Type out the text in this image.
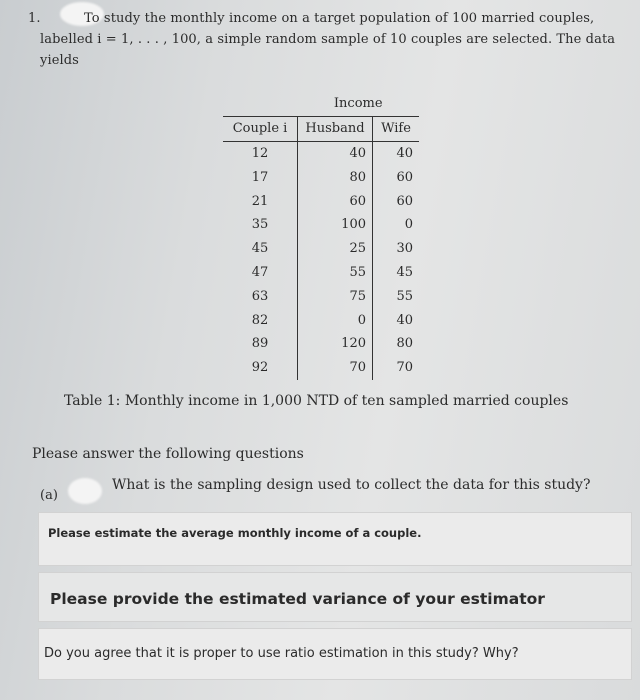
1.	To study the monthly income on a target population of 100 married couples, labelled i = 1, . . . , 100, a simple random sample of 10 couples are selected. The data yields

	Income	
Couple i	Husband	Wife
12	40	40
17	80	60
21	60	60
35	100	0
45	25	30
47	55	45
63	75	55
82	0	40
89	120	80
92	70	70
Table 1: Monthly income in 1,000 NTD of ten sampled married couples
Please answer the following questions
(a)
What is the sampling design used to collect the data for this study?
Please estimate the average monthly income of a couple.
Please provide the estimated variance of your estimator
Do you agree that it is proper to use ratio estimation in this study? Why?
